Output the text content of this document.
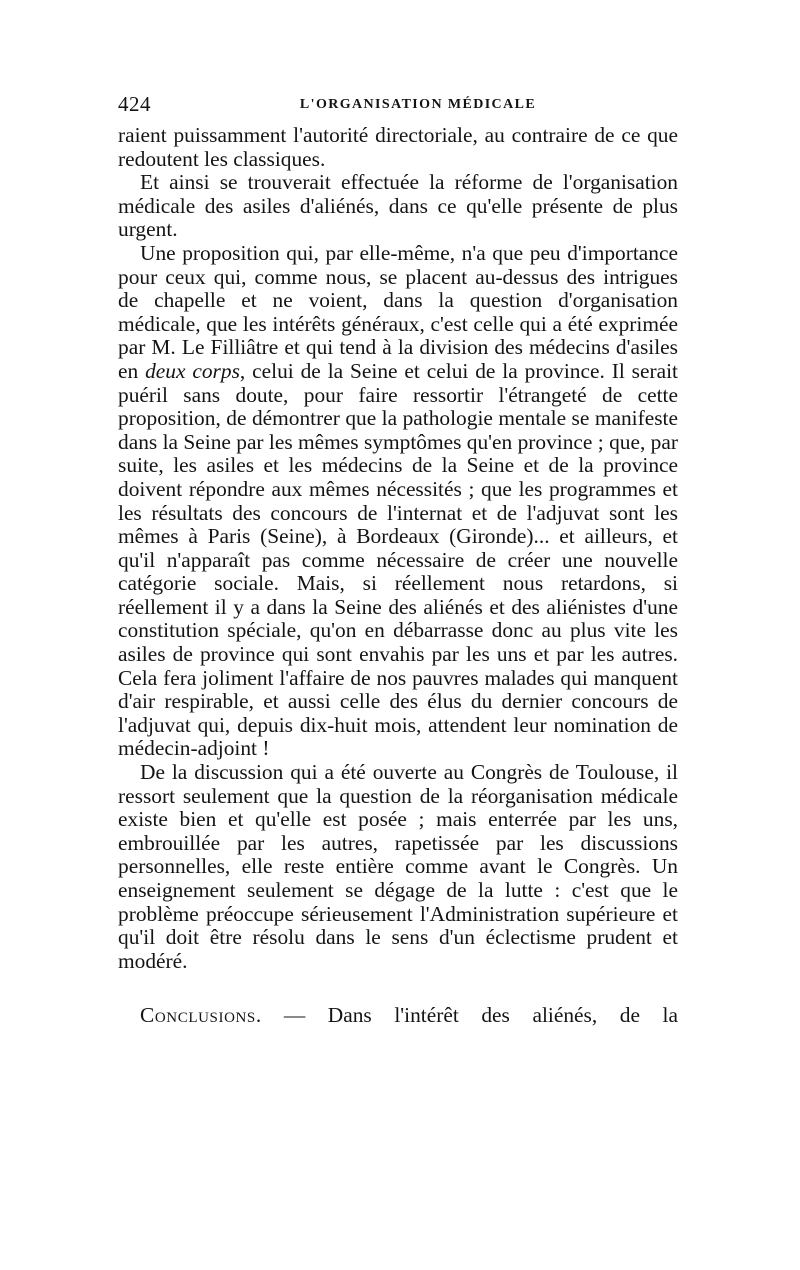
424	L'ORGANISATION MÉDICALE

raient puissamment l'autorité directoriale, au contraire de ce que redoutent les classiques.

Et ainsi se trouverait effectuée la réforme de l'organisation médicale des asiles d'aliénés, dans ce qu'elle présente de plus urgent.

Une proposition qui, par elle-même, n'a que peu d'importance pour ceux qui, comme nous, se placent au-dessus des intrigues de chapelle et ne voient, dans la question d'organisation médicale, que les intérêts généraux, c'est celle qui a été exprimée par M. Le Filliâtre et qui tend à la division des médecins d'asiles en deux corps, celui de la Seine et celui de la province. Il serait puéril sans doute, pour faire ressortir l'étrangeté de cette proposition, de démontrer que la pathologie mentale se manifeste dans la Seine par les mêmes symptômes qu'en province ; que, par suite, les asiles et les médecins de la Seine et de la province doivent répondre aux mêmes nécessités ; que les programmes et les résultats des concours de l'internat et de l'adjuvat sont les mêmes à Paris (Seine), à Bordeaux (Gironde)... et ailleurs, et qu'il n'apparaît pas comme nécessaire de créer une nouvelle catégorie sociale. Mais, si réellement nous retardons, si réellement il y a dans la Seine des aliénés et des aliénistes d'une constitution spéciale, qu'on en débarrasse donc au plus vite les asiles de province qui sont envahis par les uns et par les autres. Cela fera joliment l'affaire de nos pauvres malades qui manquent d'air respirable, et aussi celle des élus du dernier concours de l'adjuvat qui, depuis dix-huit mois, attendent leur nomination de médecin-adjoint !

De la discussion qui a été ouverte au Congrès de Toulouse, il ressort seulement que la question de la réorganisation médicale existe bien et qu'elle est posée ; mais enterrée par les uns, embrouillée par les autres, rapetissée par les discussions personnelles, elle reste entière comme avant le Congrès. Un enseignement seulement se dégage de la lutte : c'est que le problème préoccupe sérieusement l'Administration supérieure et qu'il doit être résolu dans le sens d'un éclectisme prudent et modéré.

Conclusions. — Dans l'intérêt des aliénés, de la
